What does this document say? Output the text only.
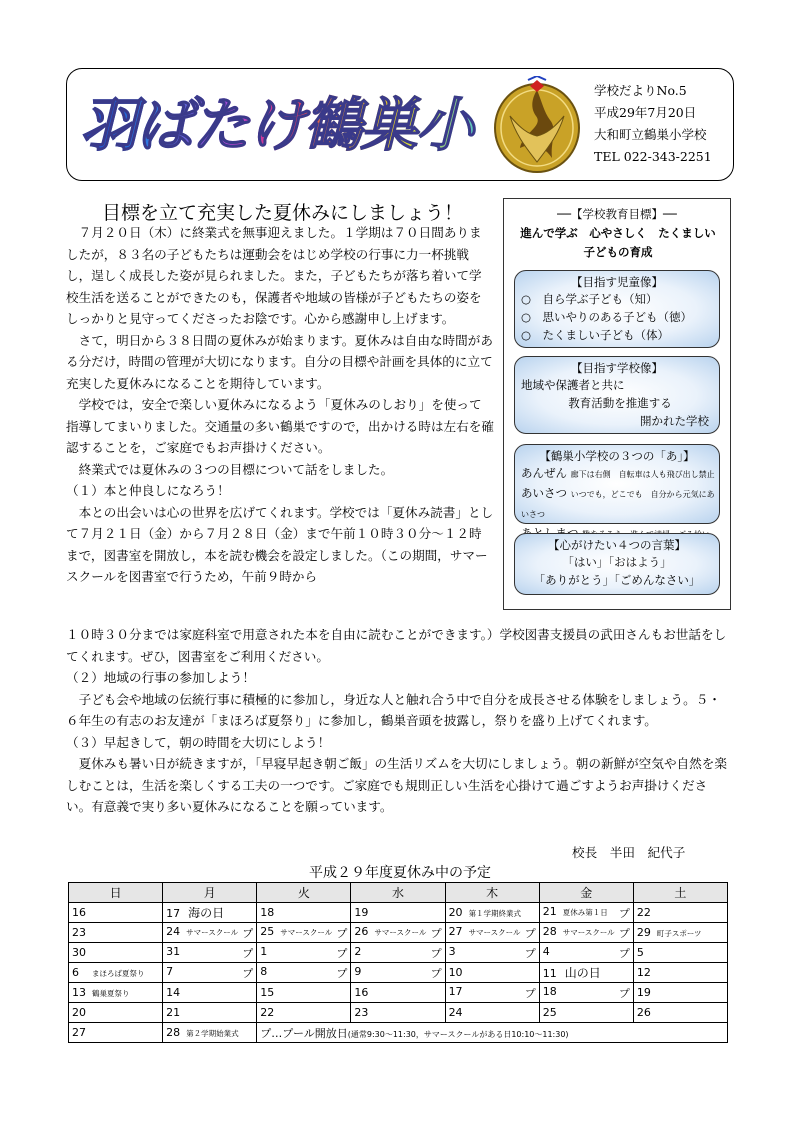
羽ばたけ鶴巣小
学校だよりNo.5
平成29年7月20日
大和町立鶴巣小学校
TEL 022-343-2251
目標を立て充実した夏休みにしましょう！

７月２０日（木）に終業式を無事迎えました。１学期は７０日間ありましたが，８３名の子どもたちは運動会をはじめ学校の行事に力一杯挑戦し，逞しく成長した姿が見られました。また，子どもたちが落ち着いて学校生活を送ることができたのも，保護者や地域の皆様が子どもたちの姿をしっかりと見守ってくださったお陰です。心から感謝申し上げます。

さて，明日から３８日間の夏休みが始まります。夏休みは自由な時間がある分だけ，時間の管理が大切になります。自分の目標や計画を具体的に立て充実した夏休みになることを期待しています。

学校では，安全で楽しい夏休みになるよう「夏休みのしおり」を使って指導してまいりました。交通量の多い鶴巣ですので，出かける時は左右を確認することを，ご家庭でもお声掛けください。

終業式では夏休みの３つの目標について話をしました。

（１）本と仲良しになろう！

本との出会いは心の世界を広げてくれます。学校では「夏休み読書」として７月２１日（金）から７月２８日（金）まで午前１０時３０分～１２時まで，図書室を開放し，本を読む機会を設定しました。（この期間，サマースクールを図書室で行うため，午前９時から

１０時３０分までは家庭科室で用意された本を自由に読むことができます。）学校図書支援員の武田さんもお世話をしてくれます。ぜひ，図書室をご利用ください。

（２）地域の行事の参加しよう！

子ども会や地域の伝統行事に積極的に参加し，身近な人と触れ合う中で自分を成長させる体験をしましょう。５・６年生の有志のお友達が「まほろば夏祭り」に参加し，鶴巣音頭を披露し，祭りを盛り上げてくれます。

（３）早起きして，朝の時間を大切にしよう！

夏休みも暑い日が続きますが，「早寝早起き朝ご飯」の生活リズムを大切にしましょう。朝の新鮮が空気や自然を楽しむことは，生活を楽しくする工夫の一つです。ご家庭でも規則正しい生活を心掛けて過ごすようお声掛けください。有意義で実り多い夏休みになることを願っています。

校長　半田　紀代子
──【学校教育目標】──
進んで学ぶ　心やさしく　たくましい
子どもの育成
【目指す児童像】
○　自ら学ぶ子ども（知）
○　思いやりのある子ども（徳）
○　たくましい子ども（体）
【目指す学校像】
地域や保護者と共に
教育活動を推進する
開かれた学校
【鶴巣小学校の３つの「あ」】
あんぜん 廊下は右側　自転車は人も飛び出し禁止
あいさつ いつでも，どこでも　自分から元気にあいさつ
【心がけたい４つの言葉】
「はい」「おはよう」
「ありがとう」「ごめんなさい」
平成２９年度夏休み中の予定
日	月	火	水	木	金	土
16	17 海の日	18	19	20 第１学期終業式	21 夏休み第１日 プ	22
23	24 サマースクール プ	25 サマースクール プ	26 サマースクール プ	27 サマースクール プ	28 サマースクール プ	29 町子スポーツ
30	31 プ	1 プ	2 プ	3 プ	4 プ	5
6 まほろば夏祭り	7 プ	8 プ	9 プ	10	11 山の日	12
13 鶴巣夏祭り	14	15	16	17 プ	18 プ	19
20	21	22	23	24	25	26
27	28 第２学期始業式	プ…プール開放日(通常9:30～11:30，サマースクールがある日10:10～11:30)				
